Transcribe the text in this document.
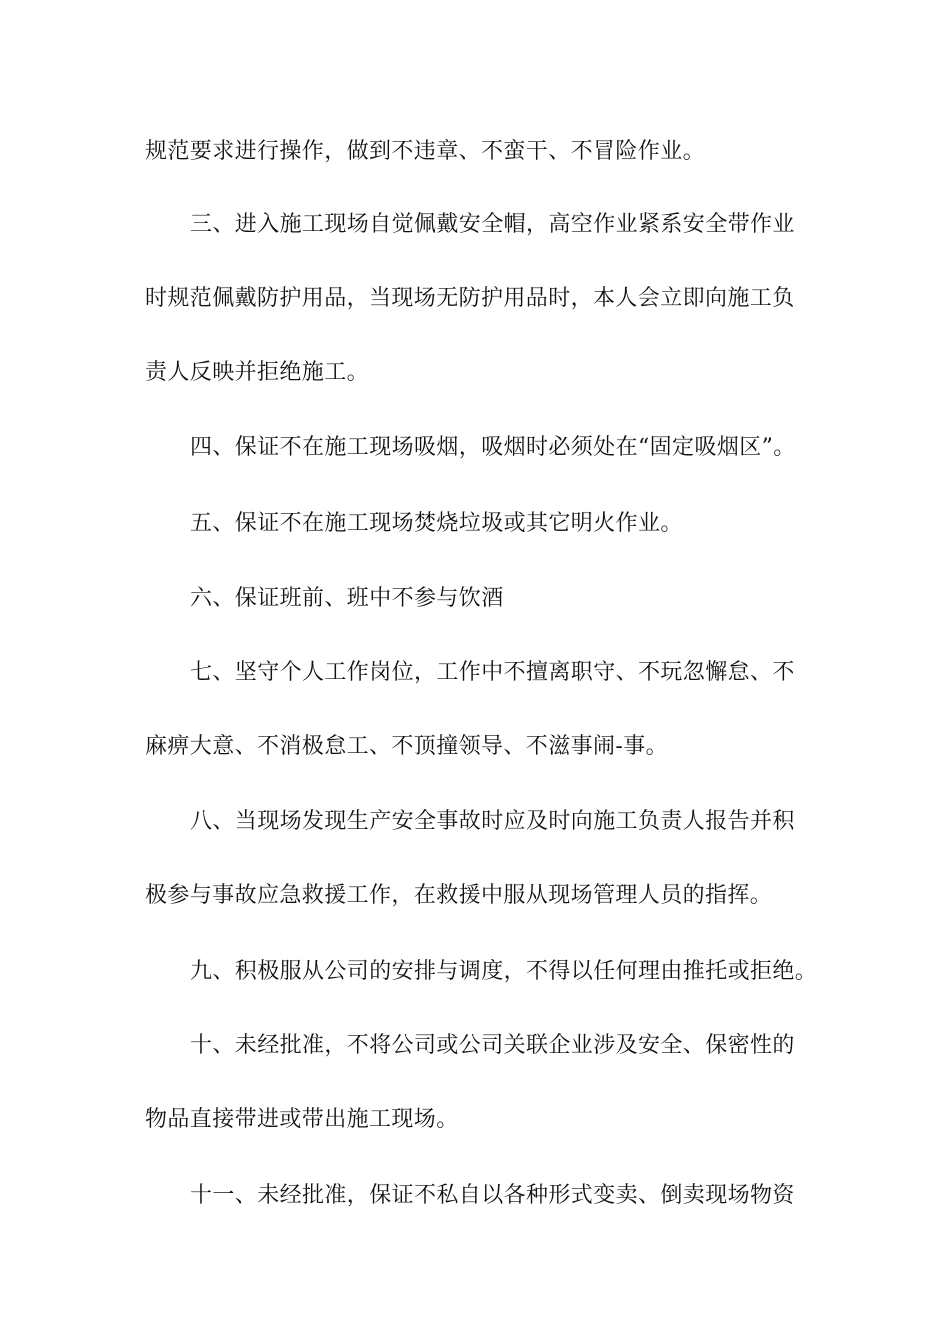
规范要求进行操作，做到不违章、不蛮干、不冒险作业。
三、进入施工现场自觉佩戴安全帽，高空作业紧系安全带作业
时规范佩戴防护用品，当现场无防护用品时，本人会立即向施工负
责人反映并拒绝施工。
四、保证不在施工现场吸烟，吸烟时必须处在“固定吸烟区”。
五、保证不在施工现场焚烧垃圾或其它明火作业。
六、保证班前、班中不参与饮酒
七、坚守个人工作岗位，工作中不擅离职守、不玩忽懈怠、不
麻痹大意、不消极怠工、不顶撞领导、不滋事闹-事。
八、当现场发现生产安全事故时应及时向施工负责人报告并积
极参与事故应急救援工作，在救援中服从现场管理人员的指挥。
九、积极服从公司的安排与调度，不得以任何理由推托或拒绝。
十、未经批准，不将公司或公司关联企业涉及安全、保密性的
物品直接带进或带出施工现场。
十一、未经批准，保证不私自以各种形式变卖、倒卖现场物资
